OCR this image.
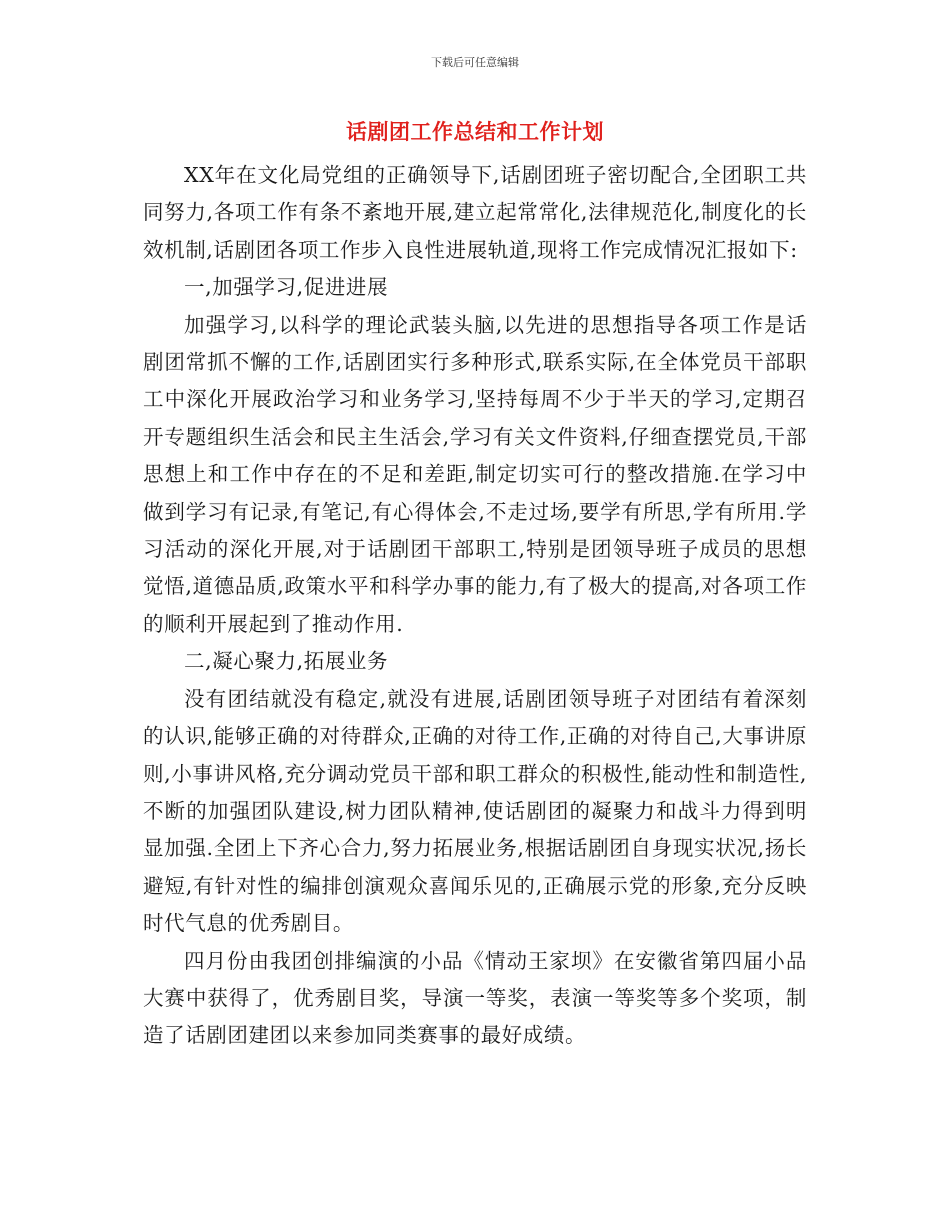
下载后可任意编辑
话剧团工作总结和工作计划

XX年在文化局党组的正确领导下,话剧团班子密切配合,全团职工共同努力,各项工作有条不紊地开展,建立起常常化,法律规范化,制度化的长效机制,话剧团各项工作步入良性进展轨道,现将工作完成情况汇报如下:

一,加强学习,促进进展

加强学习,以科学的理论武装头脑,以先进的思想指导各项工作是话剧团常抓不懈的工作,话剧团实行多种形式,联系实际,在全体党员干部职工中深化开展政治学习和业务学习,坚持每周不少于半天的学习,定期召开专题组织生活会和民主生活会,学习有关文件资料,仔细查摆党员,干部思想上和工作中存在的不足和差距,制定切实可行的整改措施.在学习中做到学习有记录,有笔记,有心得体会,不走过场,要学有所思,学有所用.学习活动的深化开展,对于话剧团干部职工,特别是团领导班子成员的思想觉悟,道德品质,政策水平和科学办事的能力,有了极大的提高,对各项工作的顺利开展起到了推动作用.

二,凝心聚力,拓展业务

没有团结就没有稳定,就没有进展,话剧团领导班子对团结有着深刻的认识,能够正确的对待群众,正确的对待工作,正确的对待自己,大事讲原则,小事讲风格,充分调动党员干部和职工群众的积极性,能动性和制造性,不断的加强团队建设,树力团队精神,使话剧团的凝聚力和战斗力得到明显加强.全团上下齐心合力,努力拓展业务,根据话剧团自身现实状况,扬长避短,有针对性的编排创演观众喜闻乐见的,正确展示党的形象,充分反映时代气息的优秀剧目。

四月份由我团创排编演的小品《情动王家坝》在安徽省第四届小品大赛中获得了，优秀剧目奖，导演一等奖，表演一等奖等多个奖项，制造了话剧团建团以来参加同类赛事的最好成绩。
